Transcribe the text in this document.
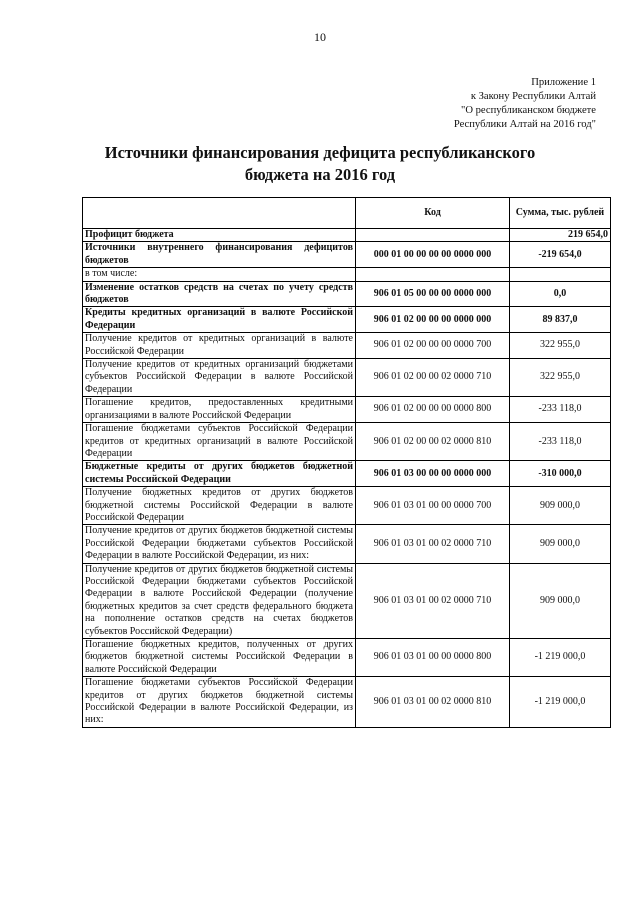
10
Приложение 1
к Закону Республики Алтай
"О республиканском бюджете
Республики Алтай на 2016 год"
Источники финансирования дефицита республиканского
бюджета на 2016 год
	Код	Сумма, тыс. рублей
Профицит бюджета		219 654,0
Источники внутреннего финансирования дефицитов бюджетов	000 01 00 00 00 00 0000 000	-219 654,0
в том числе:		
Изменение остатков средств на счетах по учету средств бюджетов	906 01 05 00 00 00 0000 000	0,0
Кредиты кредитных организаций в валюте Российской Федерации	906 01 02 00 00 00 0000 000	89 837,0
Получение кредитов от кредитных организаций в валюте Российской Федерации	906 01 02 00 00 00 0000 700	322 955,0
Получение кредитов от кредитных организаций бюджетами субъектов Российской Федерации в валюте Российской Федерации	906 01 02 00 00 02 0000 710	322 955,0
Погашение кредитов, предоставленных кредитными организациями в валюте Российской Федерации	906 01 02 00 00 00 0000 800	-233 118,0
Погашение бюджетами субъектов Российской Федерации кредитов от кредитных организаций в валюте Российской Федерации	906 01 02 00 00 02 0000 810	-233 118,0
Бюджетные кредиты от других бюджетов бюджетной системы Российской Федерации	906 01 03 00 00 00 0000 000	-310 000,0
Получение бюджетных кредитов от других бюджетов бюджетной системы Российской Федерации в валюте Российской Федерации	906 01 03 01 00 00 0000 700	909 000,0
Получение кредитов от других бюджетов бюджетной системы Российской Федерации бюджетами субъектов Российской Федерации в валюте Российской Федерации, из них:	906 01 03 01 00 02 0000 710	909 000,0
Получение кредитов от других бюджетов бюджетной системы Российской Федерации бюджетами субъектов Российской Федерации в валюте Российской Федерации (получение бюджетных кредитов за счет средств федерального бюджета на пополнение остатков средств на счетах бюджетов субъектов Российской Федерации)	906 01 03 01 00 02 0000 710	909 000,0
Погашение бюджетных кредитов, полученных от других бюджетов бюджетной системы Российской Федерации в валюте Российской Федерации	906 01 03 01 00 00 0000 800	-1 219 000,0
Погашение бюджетами субъектов Российской Федерации кредитов от других бюджетов бюджетной системы Российской Федерации в валюте Российской Федерации, из них:	906 01 03 01 00 02 0000 810	-1 219 000,0
